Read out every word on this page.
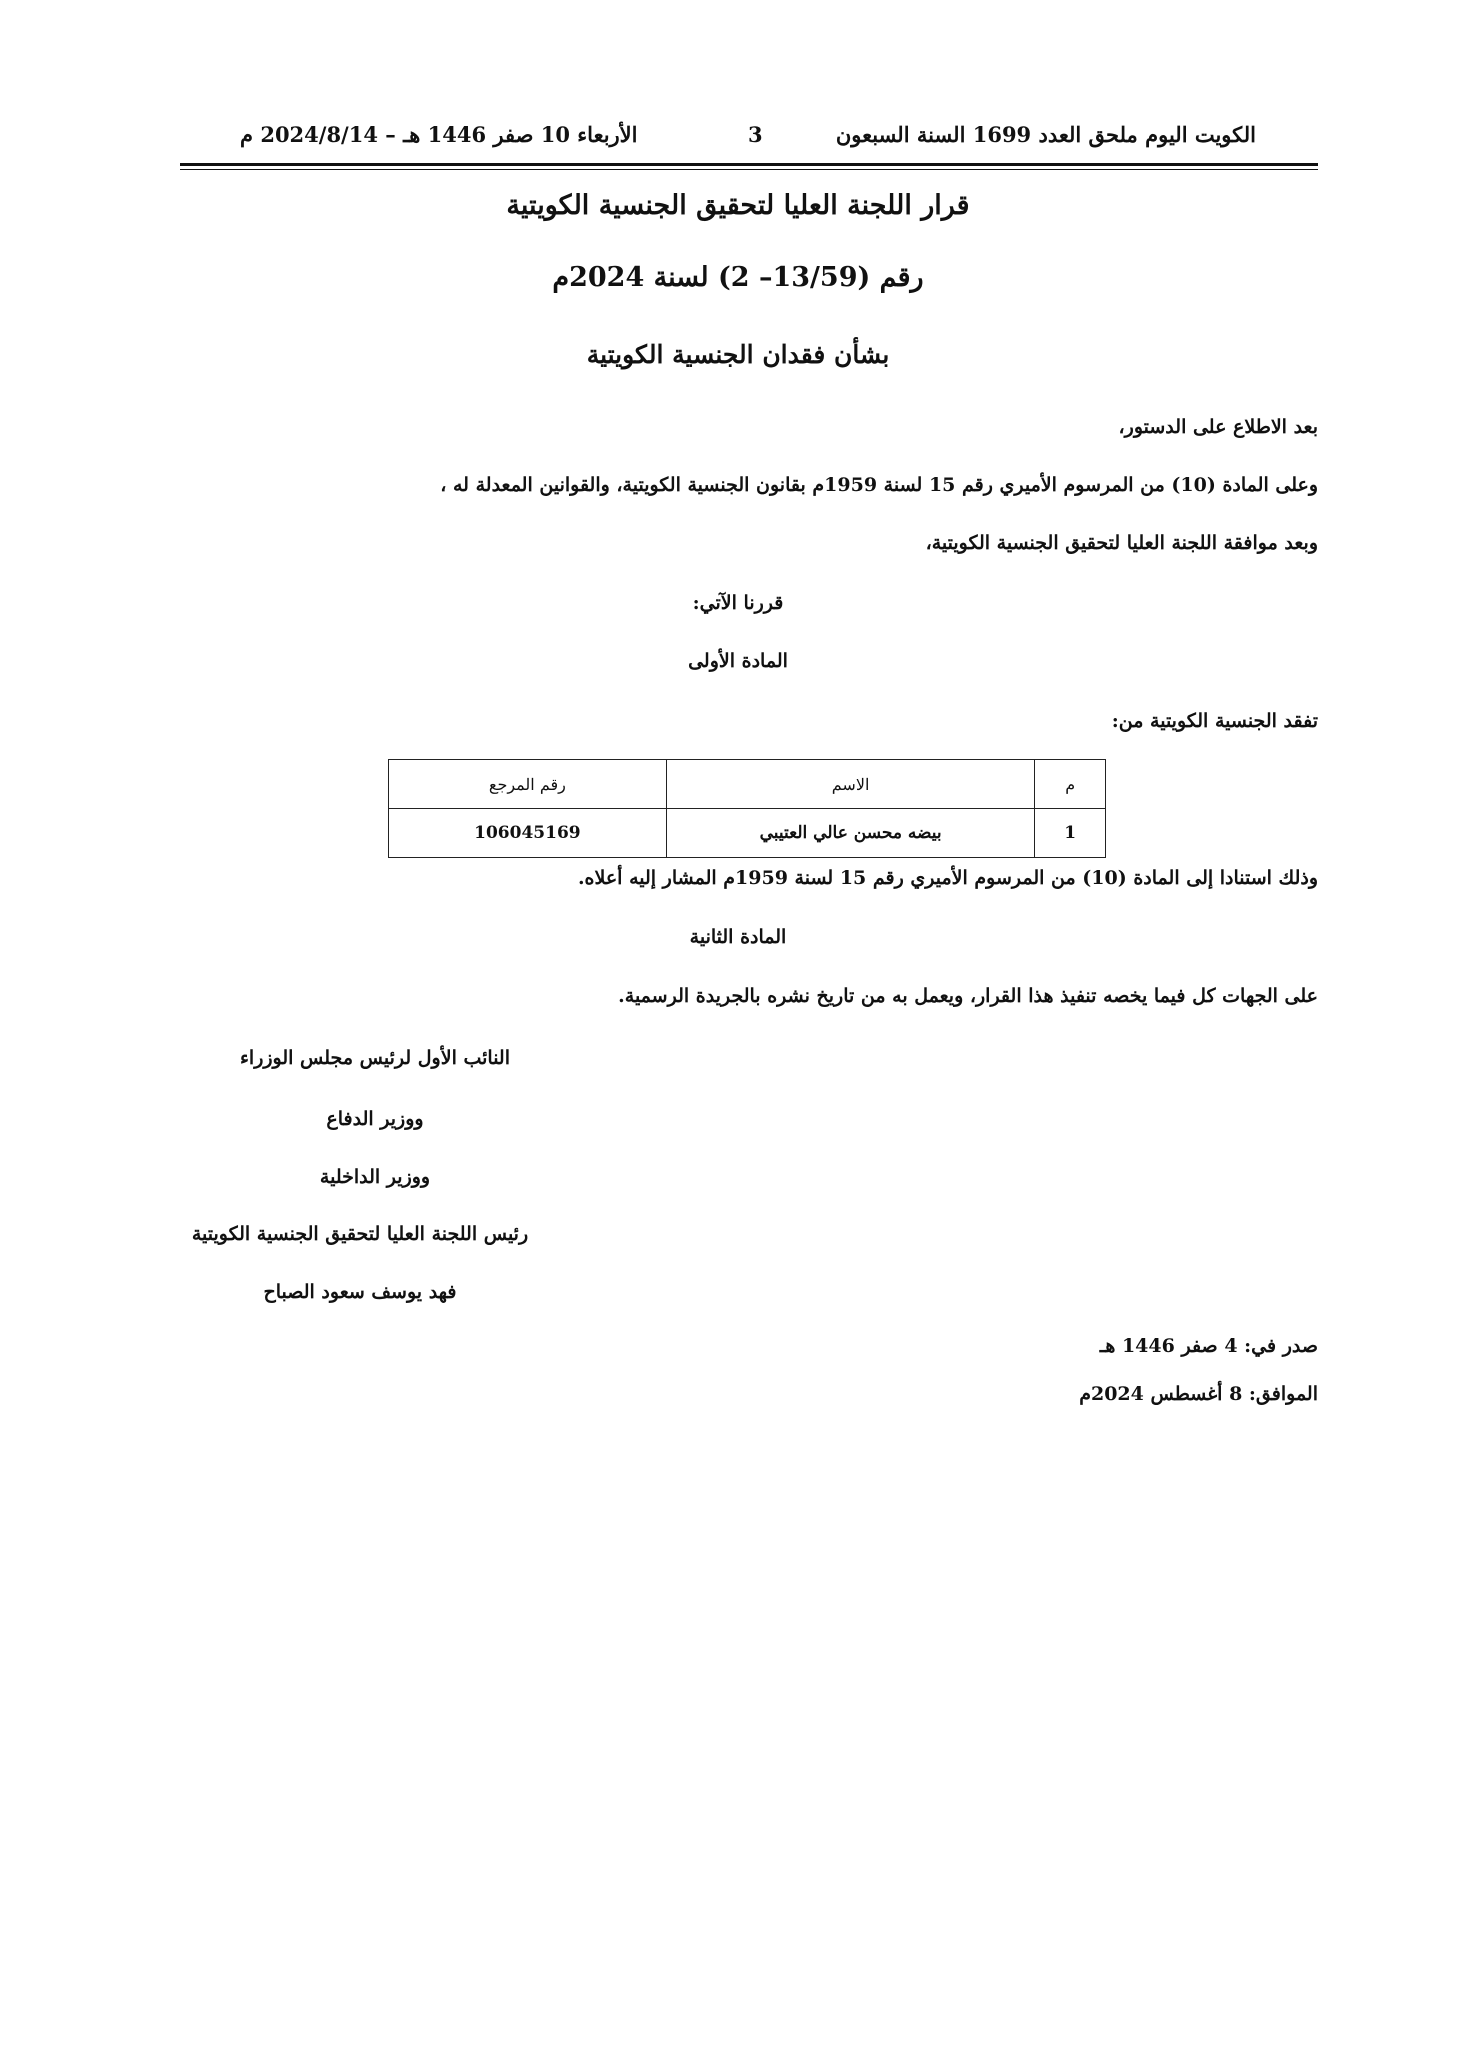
الكويت اليوم ملحق العدد 1699 السنة السبعون
3
الأربعاء 10 صفر 1446 هـ – 2024/8/14 م
قرار اللجنة العليا لتحقيق الجنسية الكويتية
رقم (13/59– 2) لسنة 2024م
بشأن فقدان الجنسية الكويتية
بعد الاطلاع على الدستور،
وعلى المادة (10) من المرسوم الأميري رقم 15 لسنة 1959م بقانون الجنسية الكويتية، والقوانين المعدلة له ،
وبعد موافقة اللجنة العليا لتحقيق الجنسية الكويتية،
قررنا الآتي:
المادة الأولى
تفقد الجنسية الكويتية من:
م	الاسم	رقم المرجع
1	بيضه محسن عالي العتيبي	106045169
وذلك استنادا إلى المادة (10) من المرسوم الأميري رقم 15 لسنة 1959م المشار إليه أعلاه.
المادة الثانية
على الجهات كل فيما يخصه تنفيذ هذا القرار، ويعمل به من تاريخ نشره بالجريدة الرسمية.
النائب الأول لرئيس مجلس الوزراء
ووزير الدفاع
ووزير الداخلية
رئيس اللجنة العليا لتحقيق الجنسية الكويتية
فهد يوسف سعود الصباح
صدر في: 4 صفر 1446 هـ
الموافق: 8 أغسطس 2024م
